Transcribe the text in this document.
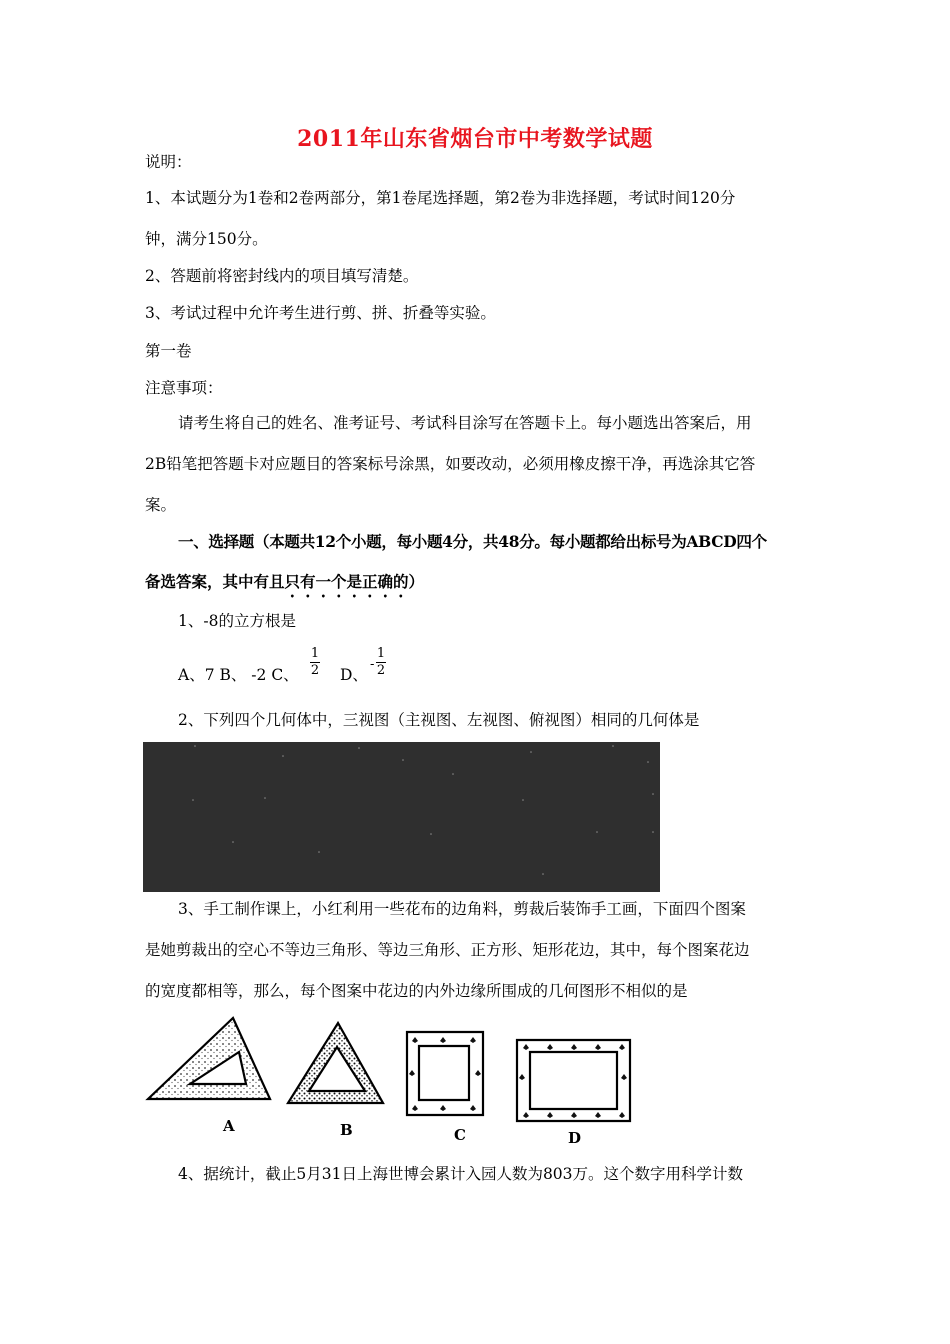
2011年山东省烟台市中考数学试题
说明：
1、本试题分为1卷和2卷两部分，第1卷尾选择题，第2卷为非选择题，考试时间120分
钟，满分150分。
2、答题前将密封线内的项目填写清楚。
3、考试过程中允许考生进行剪、拼、折叠等实验。
第一卷
注意事项：
请考生将自己的姓名、准考证号、考试科目涂写在答题卡上。每小题选出答案后，用
2B铅笔把答题卡对应题目的答案标号涂黑，如要改动，必须用橡皮擦干净，再选涂其它答
案。
一、选择题（本题共12个小题，每小题4分，共48分。每小题都给出标号为ABCD四个
备选答案，其中有且只有一个是正确的）
1、-8的立方根是
A、7 B、 -2 C、
1
2 D、
-
1
2
2、下列四个几何体中，三视图（主视图、左视图、俯视图）相同的几何体是
3、手工制作课上，小红利用一些花布的边角料，剪裁后装饰手工画，下面四个图案
是她剪裁出的空心不等边三角形、等边三角形、正方形、矩形花边，其中，每个图案花边
的宽度都相等，那么，每个图案中花边的内外边缘所围成的几何图形不相似的是
A	B	C	D
4、据统计，截止5月31日上海世博会累计入园人数为803万。这个数字用科学计数
